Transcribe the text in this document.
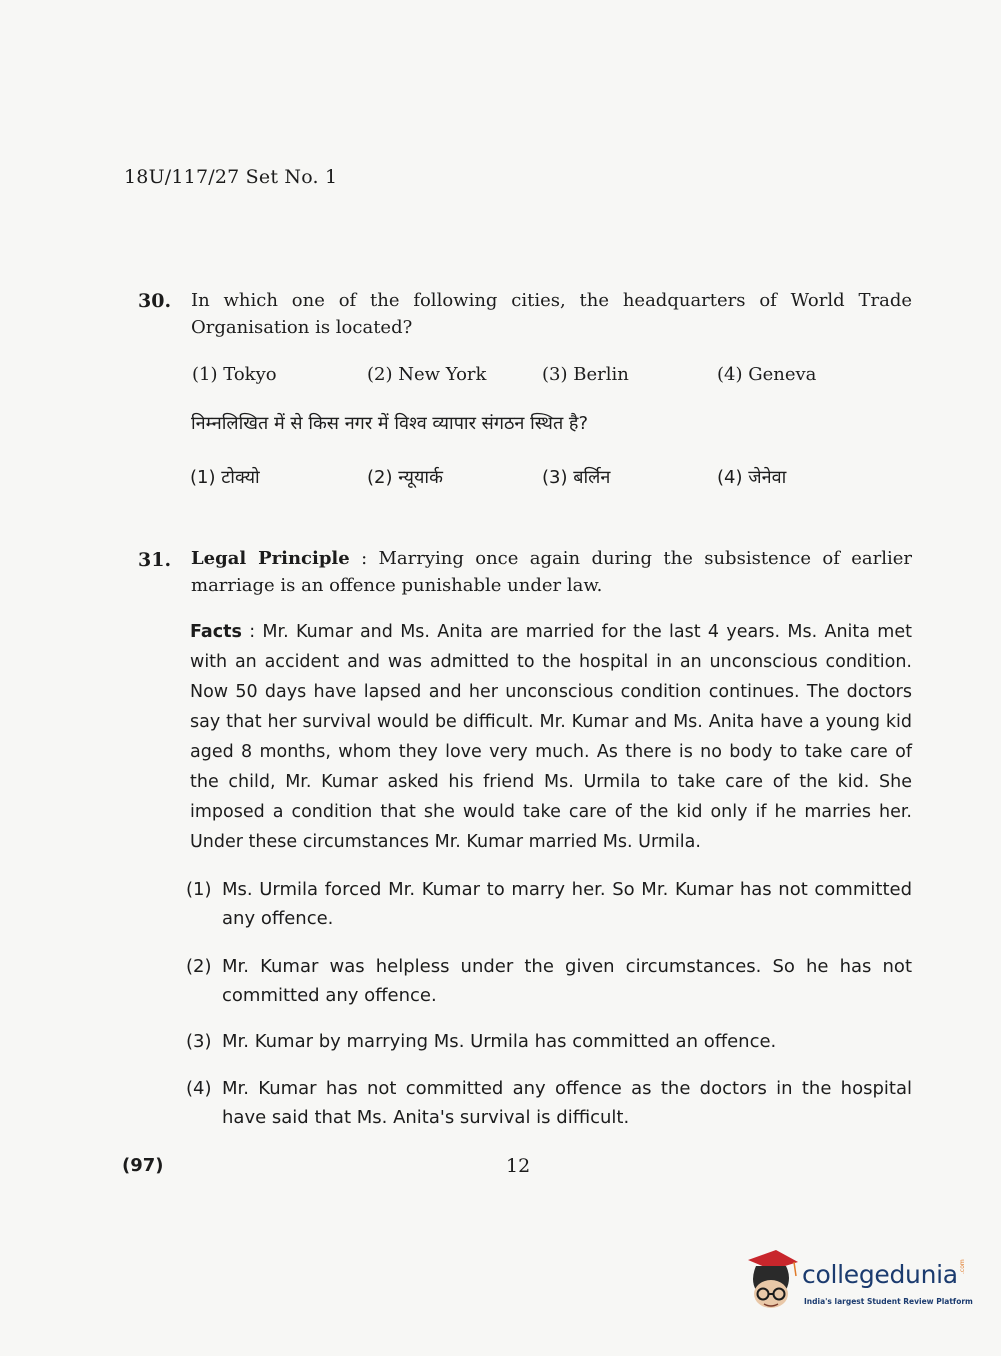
18U/117/27 Set No. 1
30. In which one of the following cities, the headquarters of World Trade
Organisation is located?
(1) Tokyo	(2) New York	(3) Berlin	(4) Geneva
निम्नलिखित में से किस नगर में विश्व व्यापार संगठन स्थित है?
(1) टोक्यो	(2) न्यूयार्क	(3) बर्लिन	(4) जेनेवा
31. Legal Principle : Marrying once again during the subsistence of earlier
marriage is an offence punishable under law.
Facts : Mr. Kumar and Ms. Anita are married for the last 4 years. Ms. Anita met with an accident and was admitted to the hospital in an unconscious condition. Now 50 days have lapsed and her unconscious condition continues. The doctors say that her survival would be difficult. Mr. Kumar and Ms. Anita have a young kid aged 8 months, whom they love very much. As there is no body to take care of the child, Mr. Kumar asked his friend Ms. Urmila to take care of the kid. She imposed a condition that she would take care of the kid only if he marries her. Under these circumstances Mr. Kumar married Ms. Urmila.
(1) Ms. Urmila forced Mr. Kumar to marry her. So Mr. Kumar has not committed any offence.
(2) Mr. Kumar was helpless under the given circumstances. So he has not committed any offence.
(3) Mr. Kumar by marrying Ms. Urmila has committed an offence.
(4) Mr. Kumar has not committed any offence as the doctors in the hospital have said that Ms. Anita's survival is difficult.
(97)	12
collegedunia .com
India's largest Student Review Platform
